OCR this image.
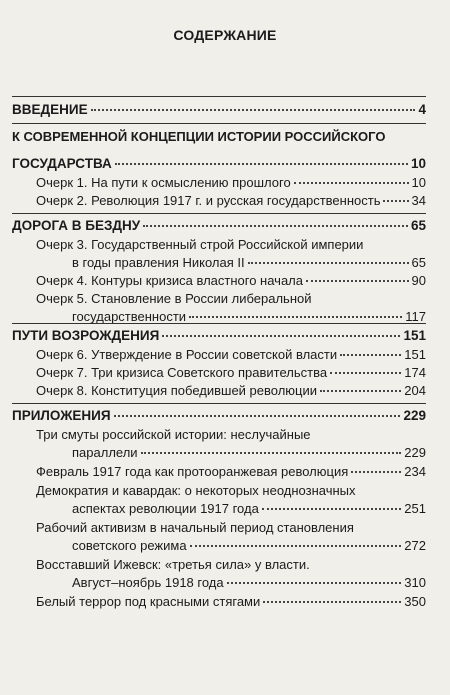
СОДЕРЖАНИЕ
ВВЕДЕНИЕ	4
К СОВРЕМЕННОЙ КОНЦЕПЦИИ ИСТОРИИ РОССИЙСКОГО
ГОСУДАРСТВА	10
Очерк 1. На пути к осмыслению прошлого	10
Очерк 2. Революция 1917 г. и русская государственность 34
ДОРОГА В БЕЗДНУ	65
Очерк 3. Государственный строй Российской империи
в годы правления Николая II	65
Очерк 4. Контуры кризиса властного начала	90
Очерк 5. Становление в России либеральной
государственности	117
ПУТИ ВОЗРОЖДЕНИЯ	151
Очерк 6. Утверждение в России советской власти	151
Очерк 7. Три кризиса Советского правительства	174
Очерк 8. Конституция победившей революции	204
ПРИЛОЖЕНИЯ	229
Три смуты российской истории: неслучайные
параллели	229
Февраль 1917 года как протооранжевая революция	234
Демократия и кавардак: о некоторых неоднозначных
аспектах революции 1917 года	251
Рабочий активизм в начальный период становления
советского режима	272
Восставший Ижевск: «третья сила» у власти.
Август–ноябрь 1918 года	310
Белый террор под красными стягами	350
